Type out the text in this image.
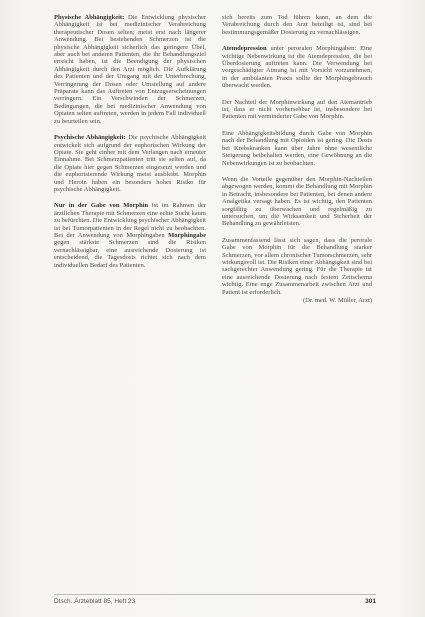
Physische Abhängigkeit: Die Entwicklung physischer Abhängigkeit ist bei medizinischer Verabreichung therapeutischer Dosen selten; meist erst nach längerer Anwendung. Bei bestehenden Schmerzen ist die physische Abhängigkeit sicherlich das geringere Übel, aber auch bei anderen Patienten, die ihr Behandlungsziel erreicht haben, ist die Beendigung der physischen Abhängigkeit durch den Arzt möglich. Die Aufklärung des Patienten und der Umgang mit der Unterbrechung, Verringerung der Dosen oder Umstellung auf andere Präparate kann das Auftreten von Entzugserscheinungen verringern. Ein Verschwinden der Schmerzen, Bedingungen, die bei medizinischer Anwendung von Opiaten selten auftreten, werden in jedem Fall individuell zu beurteilen sein.

Psychische Abhängigkeit: Die psychische Abhängigkeit entwickelt sich aufgrund der euphorischen Wirkung der Opiate. Sie geht einher mit dem Verlangen nach erneuter Einnahme. Bei Schmerzpatienten tritt sie selten auf, da die Opiate hier gegen Schmerzen eingesetzt werden und die euphorisierende Wirkung meist ausbleibt. Morphin und Heroin haben ein besonders hohes Risiko für psychische Abhängigkeit.

Nur in der Gabe von Morphin ist im Rahmen der ärztlichen Therapie mit Schmerzen eine echte Sucht kaum zu befürchten. Die Entwicklung psychischer Abhängigkeit ist bei Tumorpatienten in der Regel nicht zu beobachten. Bei der Anwendung von Morphingaben Morphingabe gegen stärkste Schmerzen sind die Risiken vernachlässigbar, eine ausreichende Dosierung ist entscheidend, die Tagesdosis richtet sich nach dem individuellen Bedarf des Patienten.

sich bereits zum Tod führen kann, an dem die Verabreichung durch den Arzt beteiligt ist, sind bei bestimmungsgemäßer Dosierung zu vernachlässigen.

Atemdepression unter peroralen Morphingaben: Eine wichtige Nebenwirkung ist die Atemdepression, die bei Überdosierung auftreten kann. Die Verwendung bei vorgeschädigter Atmung ist mit Vorsicht vorzunehmen, in der ambulanten Praxis sollte der Morphingebrauch überwacht werden.

Der Nachteil der Morphinwirkung auf den Atemantrieb ist, dass er nicht vorhersehbar ist, insbesondere bei Patienten mit verminderter Gabe von Morphin.

Eine Abhängigkeitsbildung durch Gabe von Morphin nach der Behandlung mit Opioiden ist gering. Die Dosis bei Krebskranken kann über Jahre ohne wesentliche Steigerung beibehalten werden, eine Gewöhnung an die Nebenwirkungen ist zu beobachten.

Wenn die Vorteile gegenüber den Morphin-Nachteilen abgewogen werden, kommt die Behandlung mit Morphin in Betracht, insbesondere bei Patienten, bei denen andere Analgetika versagt haben. Es ist wichtig, den Patienten sorgfältig zu überwachen und regelmäßig zu untersuchen, um die Wirksamkeit und Sicherheit der Behandlung zu gewährleisten.

Zusammenfassend lässt sich sagen, dass die perorale Gabe von Morphin für die Behandlung starker Schmerzen, vor allem chronischer Tumorschmerzen, sehr wirkungsvoll ist. Die Risiken einer Abhängigkeit sind bei sachgerechter Anwendung gering. Für die Therapie ist eine ausreichende Dosierung nach festem Zeitschema wichtig. Eine enge Zusammenarbeit zwischen Arzt und Patient ist erforderlich.
(Dr. med. W. Müller, Arzt)

Dtsch. Ärzteblatt 85, Heft 23	301
